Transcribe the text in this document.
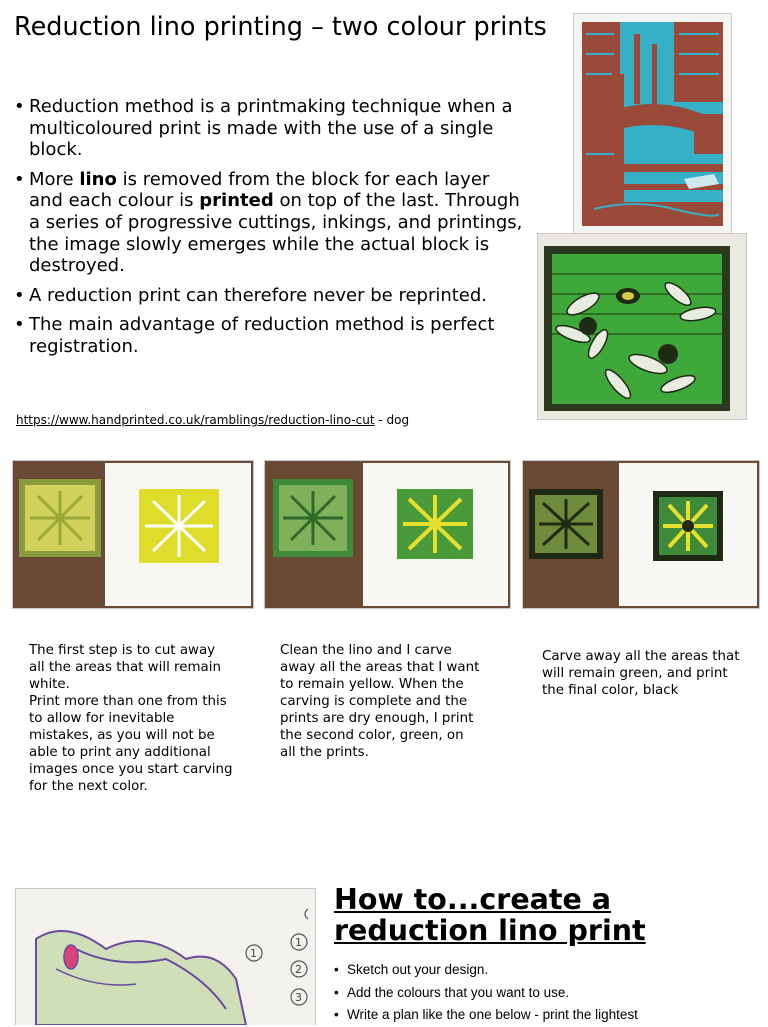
Reduction lino printing – two colour prints
• Reduction method is a printmaking technique when a multicoloured print is made with the use of a single block.
• More lino is removed from the block for each layer and each colour is printed on top of the last. Through a series of progressive cuttings, inkings, and printings, the image slowly emerges while the actual block is destroyed.
• A reduction print can therefore never be reprinted.
• The main advantage of reduction method is perfect registration.
https://www.handprinted.co.uk/ramblings/reduction-lino-cut - dog
The first step is to cut away all the areas that will remain white.
Print more than one from this to allow for inevitable mistakes, as you will not be able to print any additional images once you start carving for the next color.
Clean the lino and I carve away all the areas that I want to remain yellow. When the carving is complete and the prints are dry enough, I print the second color, green, on all the prints.
Carve away all the areas that will remain green, and print the final color, black
1
1
2
3
How to...create a reduction lino print
• Sketch out your design.
• Add the colours that you want to use.
• Write a plan like the one below - print the lightest
